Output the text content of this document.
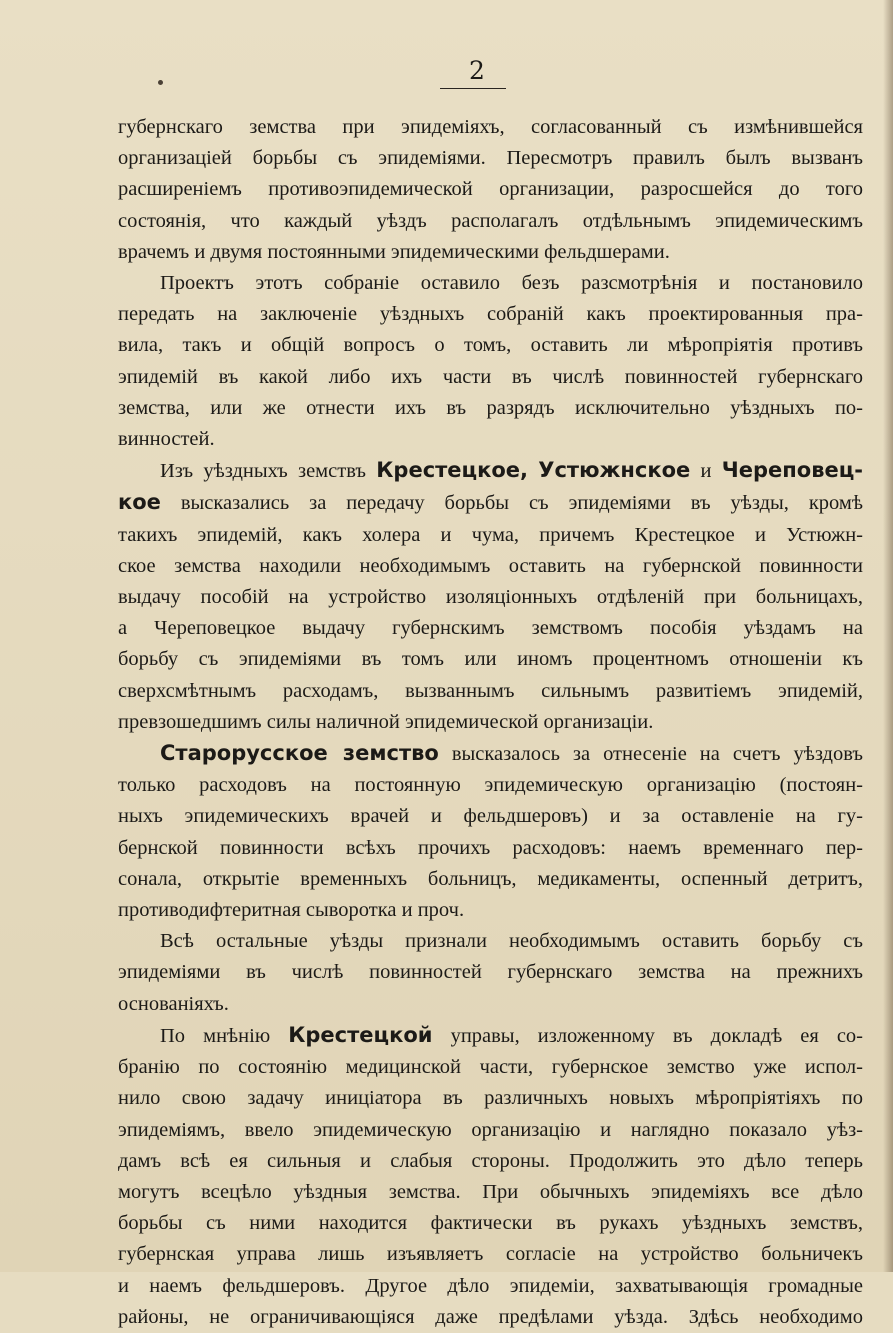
2
губернскаго земства при эпидеміяхъ, согласованный съ измѣнившейся
организацiей борьбы съ эпидеміями. Пересмотръ правилъ былъ вызванъ
расширеніемъ противоэпидемической организации, разросшейся до того
состоянія, что каждый уѣздъ располагалъ отдѣльнымъ эпидемическимъ
врачемъ и двумя постоянными эпидемическими фельдшерами.
Проектъ этотъ собраніе оставило безъ разсмотрѣнія и постановило
передать на заключеніе уѣздныхъ собраній какъ проектированныя пра-
вила, такъ и общій вопросъ о томъ, оставить ли мѣропріятія противъ
эпидемій въ какой либо ихъ части въ числѣ повинностей губернскаго
земства, или же отнести ихъ въ разрядъ исключительно уѣздныхъ по-
винностей.
Изъ уѣздныхъ земствъ Крестецкое, Устюжнское и Череповец-
кое высказались за передачу борьбы съ эпидеміями въ уѣзды, кромѣ
такихъ эпидемій, какъ холера и чума, причемъ Крестецкое и Устюжн-
ское земства находили необходимымъ оставить на губернской повинности
выдачу пособій на устройство изоляціонныхъ отдѣленій при больницахъ,
а Череповецкое выдачу губернскимъ земствомъ пособія уѣздамъ на
борьбу съ эпидеміями въ томъ или иномъ процентномъ отношеніи къ
сверхсмѣтнымъ расходамъ, вызваннымъ сильнымъ развитіемъ эпидемій,
превзошедшимъ силы наличной эпидемической организаціи.
Старорусское земство высказалось за отнесеніе на счетъ уѣздовъ
только расходовъ на постоянную эпидемическую организацію (постоян-
ныхъ эпидемическихъ врачей и фельдшеровъ) и за оставленіе на гу-
бернской повинности всѣхъ прочихъ расходовъ: наемъ временнаго пер-
сонала, открытіе временныхъ больницъ, медикаменты, оспенный детритъ,
противодифтеритная сыворотка и проч.
Всѣ остальные уѣзды признали необходимымъ оставить борьбу съ
эпидеміями въ числѣ повинностей губернскаго земства на прежнихъ
основаніяхъ.
По мнѣнію Крестецкой управы, изложенному въ докладѣ ея со-
бранію по состоянію медицинской части, губернское земство уже испол-
нило свою задачу иниціатора въ различныхъ новыхъ мѣропріятіяхъ по
эпидеміямъ, ввело эпидемическую организацію и наглядно показало уѣз-
дамъ всѣ ея сильныя и слабыя стороны. Продолжить это дѣло теперь
могутъ всецѣло уѣздныя земства. При обычныхъ эпидеміяхъ все дѣло
борьбы съ ними находится фактически въ рукахъ уѣздныхъ земствъ,
губернская управа лишь изъявляетъ согласіе на устройство больничекъ
и наемъ фельдшеровъ. Другое дѣло эпидеміи, захватывающія громадные
районы, не ограничивающіяся даже предѣлами уѣзда. Здѣсь необходимо
